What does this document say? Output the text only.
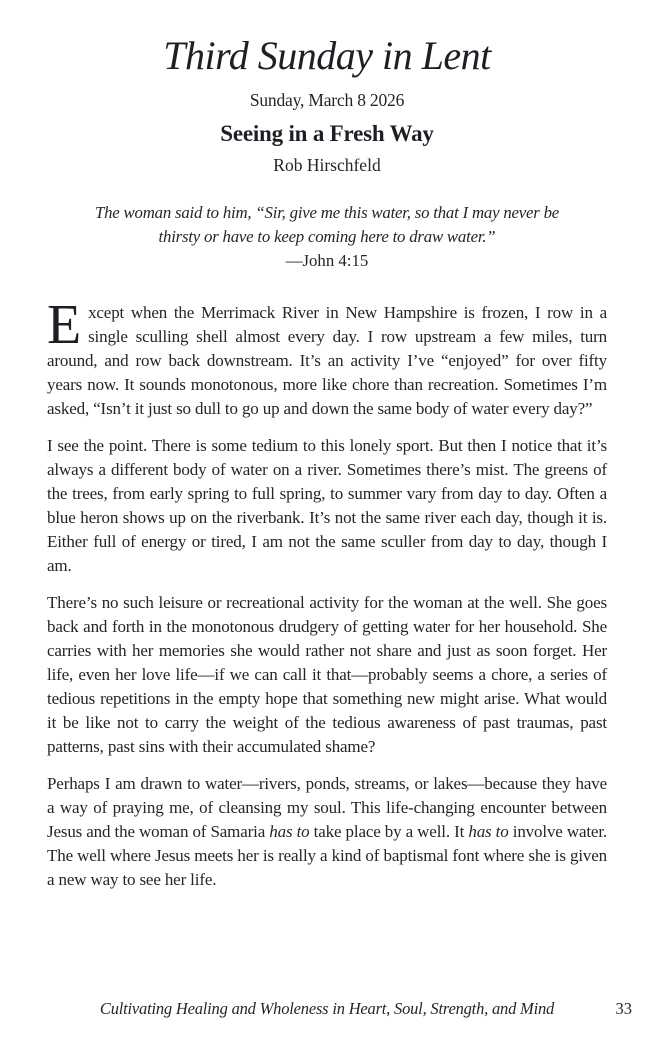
Third Sunday in Lent
Sunday, March 8 2026
Seeing in a Fresh Way
Rob Hirschfeld
The woman said to him, “Sir, give me this water, so that I may never be thirsty or have to keep coming here to draw water.”
—John 4:15

Except when the Merrimack River in New Hampshire is frozen, I row in a single sculling shell almost every day. I row upstream a few miles, turn around, and row back downstream. It’s an activity I’ve “enjoyed” for over fifty years now. It sounds monotonous, more like chore than recreation. Sometimes I’m asked, “Isn’t it just so dull to go up and down the same body of water every day?”

I see the point. There is some tedium to this lonely sport. But then I notice that it’s always a different body of water on a river. Sometimes there’s mist. The greens of the trees, from early spring to full spring, to summer vary from day to day. Often a blue heron shows up on the riverbank. It’s not the same river each day, though it is. Either full of energy or tired, I am not the same sculler from day to day, though I am.

There’s no such leisure or recreational activity for the woman at the well. She goes back and forth in the monotonous drudgery of getting water for her household. She carries with her memories she would rather not share and just as soon forget. Her life, even her love life—if we can call it that—probably seems a chore, a series of tedious repetitions in the empty hope that something new might arise. What would it be like not to carry the weight of the tedious awareness of past traumas, past patterns, past sins with their accumulated shame?

Perhaps I am drawn to water—rivers, ponds, streams, or lakes—because they have a way of praying me, of cleansing my soul. This life-changing encounter between Jesus and the woman of Samaria has to take place by a well. It has to involve water. The well where Jesus meets her is really a kind of baptismal font where she is given a new way to see her life.

Cultivating Healing and Wholeness in Heart, Soul, Strength, and Mind	33
